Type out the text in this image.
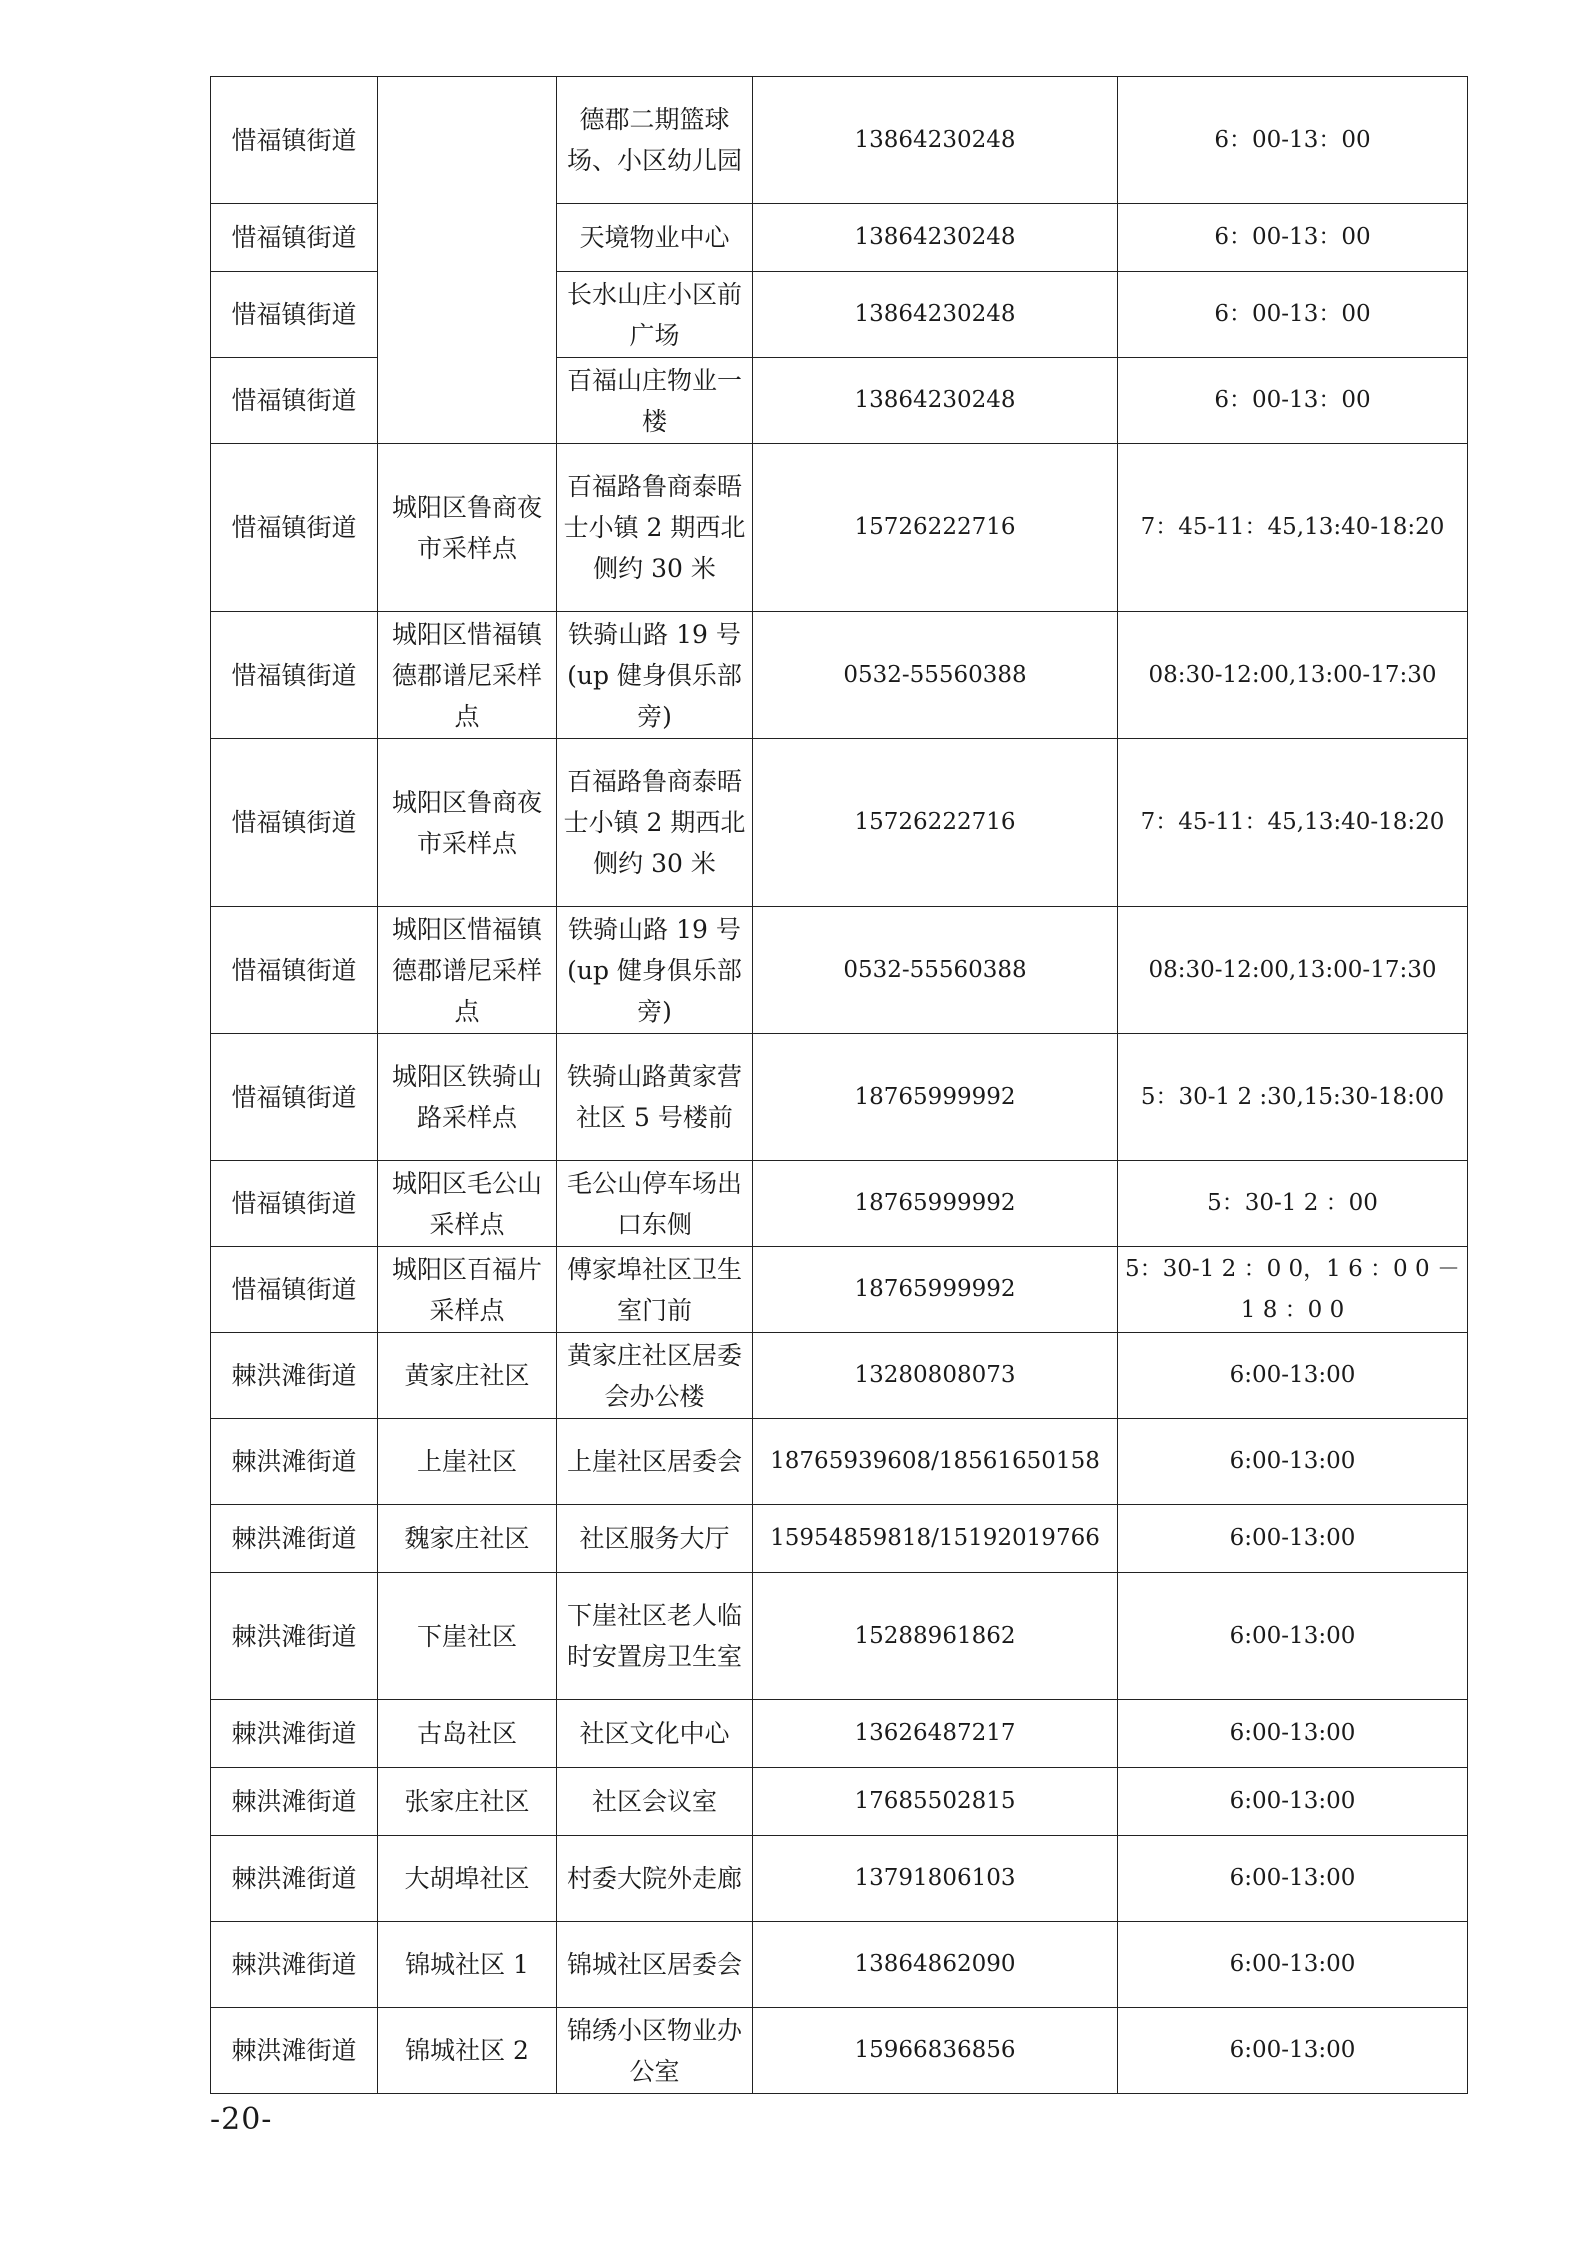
惜福镇街道		德郡二期篮球场、小区幼儿园	13864230248	6：00-13：00
惜福镇街道		天境物业中心	13864230248	6：00-13：00
惜福镇街道		长水山庄小区前广场	13864230248	6：00-13：00
惜福镇街道		百福山庄物业一楼	13864230248	6：00-13：00
惜福镇街道	城阳区鲁商夜市采样点	百福路鲁商泰晤士小镇 2 期西北侧约 30 米	15726222716	7：45-11：45,13:40-18:20
惜福镇街道	城阳区惜福镇德郡谱尼采样点	铁骑山路 19 号(up 健身俱乐部旁)	0532-55560388	08:30-12:00,13:00-17:30
惜福镇街道	城阳区鲁商夜市采样点	百福路鲁商泰晤士小镇 2 期西北侧约 30 米	15726222716	7：45-11：45,13:40-18:20
惜福镇街道	城阳区惜福镇德郡谱尼采样点	铁骑山路 19 号(up 健身俱乐部旁)	0532-55560388	08:30-12:00,13:00-17:30
惜福镇街道	城阳区铁骑山路采样点	铁骑山路黄家营社区 5 号楼前	18765999992	5：30-1 2 :30,15:30-18:00
惜福镇街道	城阳区毛公山采样点	毛公山停车场出口东侧	18765999992	5：30-1 2 ：00
惜福镇街道	城阳区百福片采样点	傅家埠社区卫生室门前	18765999992	5：30-1 2 ：0 0，1 6 ：0 0 －1 8 ：0 0
棘洪滩街道	黄家庄社区	黄家庄社区居委会办公楼	13280808073	6:00-13:00
棘洪滩街道	上崖社区	上崖社区居委会	18765939608/18561650158	6:00-13:00
棘洪滩街道	魏家庄社区	社区服务大厅	15954859818/15192019766	6:00-13:00
棘洪滩街道	下崖社区	下崖社区老人临时安置房卫生室	15288961862	6:00-13:00
棘洪滩街道	古岛社区	社区文化中心	13626487217	6:00-13:00
棘洪滩街道	张家庄社区	社区会议室	17685502815	6:00-13:00
棘洪滩街道	大胡埠社区	村委大院外走廊	13791806103	6:00-13:00
棘洪滩街道	锦城社区 1	锦城社区居委会	13864862090	6:00-13:00
棘洪滩街道	锦城社区 2	锦绣小区物业办公室	15966836856	6:00-13:00
-20-
